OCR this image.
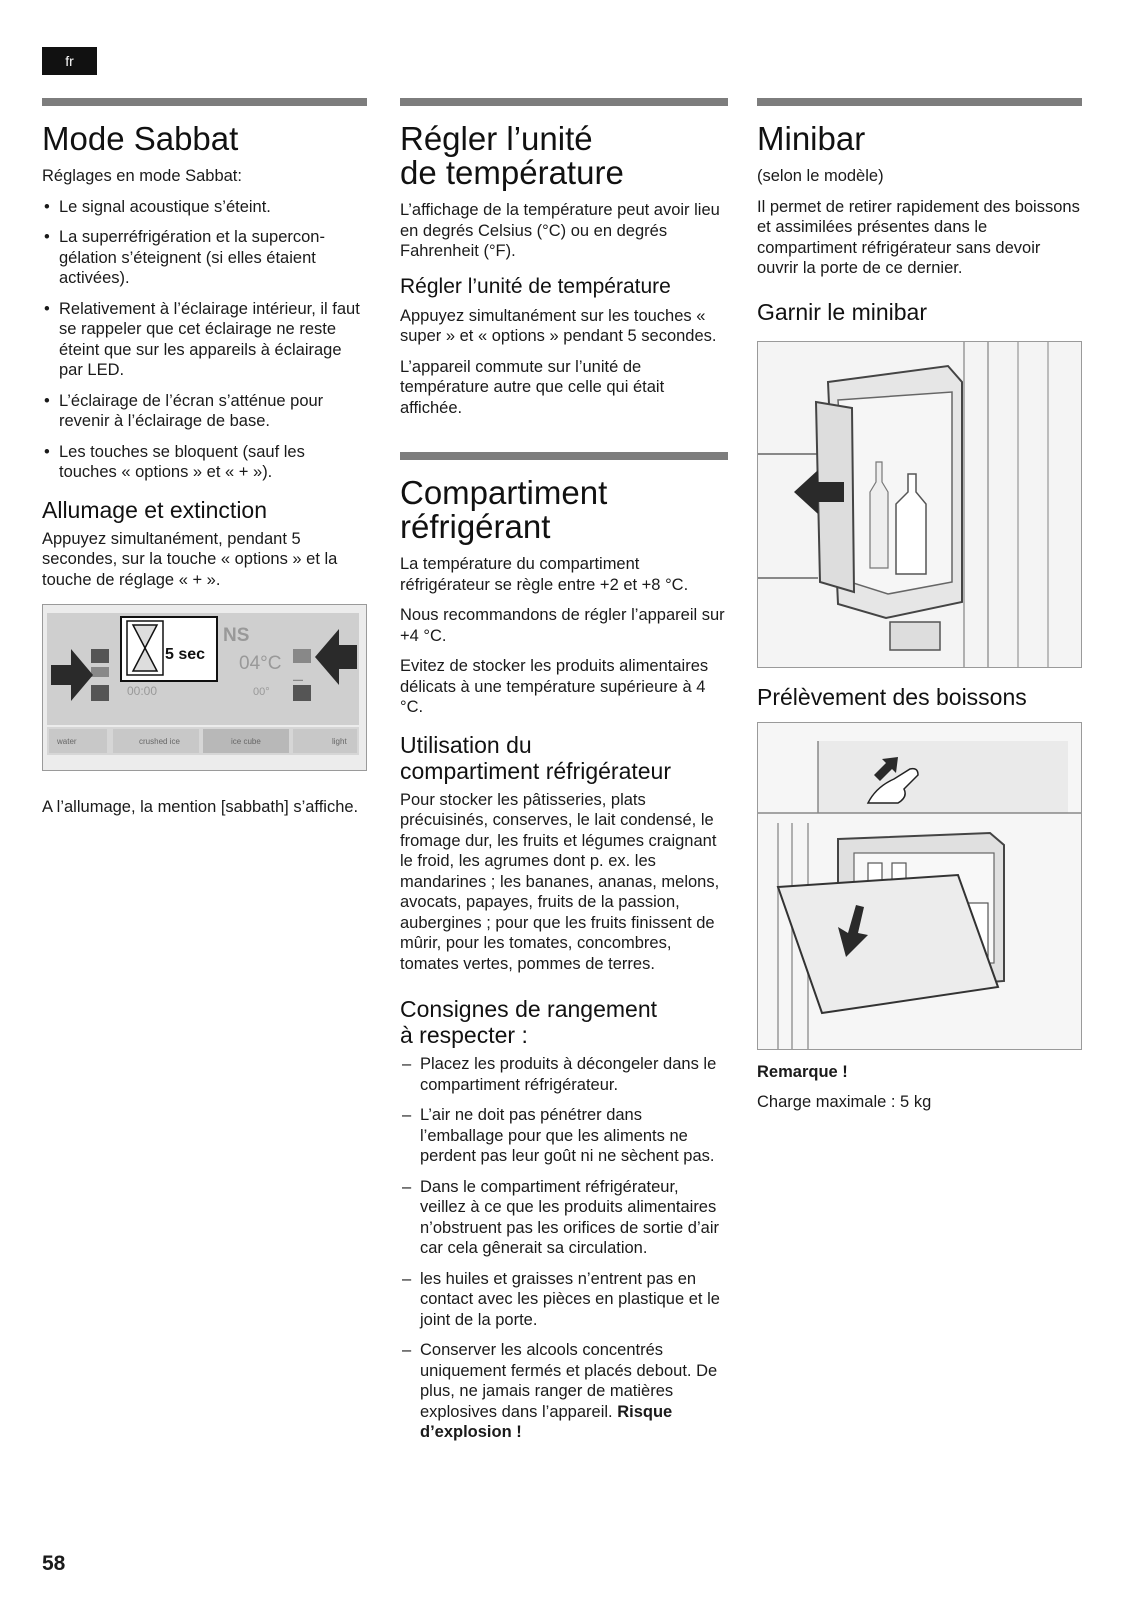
fr
Mode Sabbat

Réglages en mode Sabbat:

• Le signal acoustique s’éteint.
• La superréfrigération et la supercongélation s’éteignent (si elles étaient activées).
• Relativement à l’éclairage intérieur, il faut se rappeler que cet éclairage ne reste éteint que sur les appareils à éclairage par LED.
• L’éclairage de l’écran s’atténue pour revenir à l’éclairage de base.
• Les touches se bloquent (sauf les touches « options » et « + »).
Allumage et extinction

Appuyez simultanément, pendant 5 secondes, sur la touche « options » et la touche de réglage « + ».

water	crushed ice	ice cube	light
00:00	00°
04°C +
–
NS
5 sec

A l’allumage, la mention [sabbath] s’affiche.

Régler l’unité
de température

L’affichage de la température peut avoir lieu en degrés Celsius (°C) ou en degrés Fahrenheit (°F).

Régler l’unité de température

Appuyez simultanément sur les touches « super » et « options » pendant 5 secondes.

L’appareil commute sur l’unité de température autre que celle qui était affichée.

Compartiment
réfrigérant

La température du compartiment réfrigérateur se règle entre +2 et +8 °C.

Nous recommandons de régler l’appareil sur +4 °C.

Evitez de stocker les produits alimentaires délicats à une température supérieure à 4 °C.

Utilisation du
compartiment réfrigérateur

Pour stocker les pâtisseries, plats précuisinés, conserves, le lait condensé, le fromage dur, les fruits et légumes craignant le froid, les agrumes dont p. ex. les mandarines ; les bananes, ananas, melons, avocats, papayes, fruits de la passion, aubergines ; pour que les fruits finissent de mûrir, pour les tomates, concombres, tomates vertes, pommes de terres.

Consignes de rangement
à respecter :
– Placez les produits à décongeler dans le compartiment réfrigérateur.
– L’air ne doit pas pénétrer dans l’emballage pour que les aliments ne perdent pas leur goût ni ne sèchent pas.
– Dans le compartiment réfrigérateur, veillez à ce que les produits alimentaires n’obstruent pas les orifices de sortie d’air car cela gênerait sa circulation.
– les huiles et graisses n’entrent pas en contact avec les pièces en plastique et le joint de la porte.
– Conserver les alcools concentrés uniquement fermés et placés debout. De plus, ne jamais ranger de matières explosives dans l’appareil. Risque d’explosion !
Minibar

(selon le modèle)

Il permet de retirer rapidement des boissons et assimilées présentes dans le compartiment réfrigérateur sans devoir ouvrir la porte de ce dernier.

Garnir le minibar
Prélèvement des boissons

Remarque !

Charge maximale : 5 kg

58
